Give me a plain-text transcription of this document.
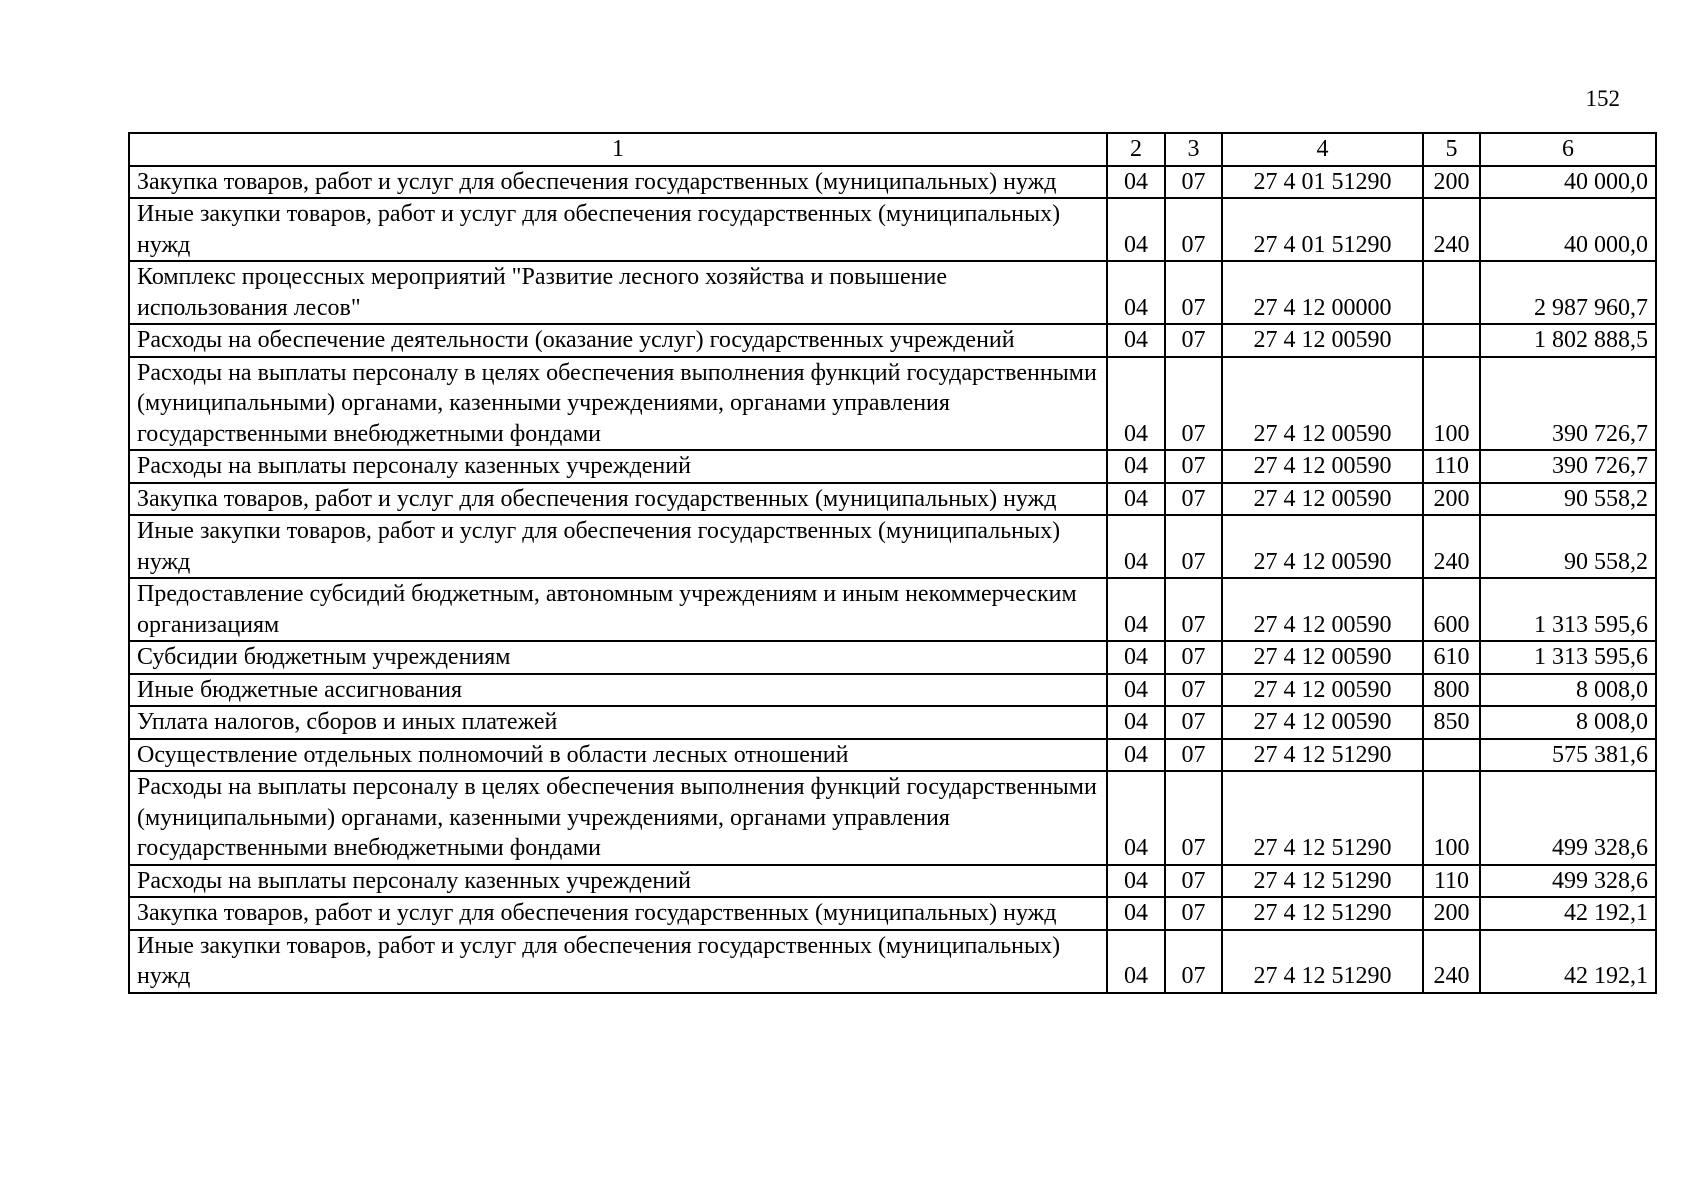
152
1	2	3	4	5	6
Закупка товаров, работ и услуг для обеспечения государственных (муниципальных) нужд	04	07	27 4 01 51290	200	40 000,0
Иные закупки товаров, работ и услуг для обеспечения государственных (муниципальных) нужд	04	07	27 4 01 51290	240	40 000,0
Комплекс процессных мероприятий "Развитие лесного хозяйства и повышение использования лесов"	04	07	27 4 12 00000		2 987 960,7
Расходы на обеспечение деятельности (оказание услуг) государственных учреждений	04	07	27 4 12 00590		1 802 888,5
Расходы на выплаты персоналу в целях обеспечения выполнения функций государственными (муниципальными) органами, казенными учреждениями, органами управления государственными внебюджетными фондами	04	07	27 4 12 00590	100	390 726,7
Расходы на выплаты персоналу казенных учреждений	04	07	27 4 12 00590	110	390 726,7
Закупка товаров, работ и услуг для обеспечения государственных (муниципальных) нужд	04	07	27 4 12 00590	200	90 558,2
Иные закупки товаров, работ и услуг для обеспечения государственных (муниципальных) нужд	04	07	27 4 12 00590	240	90 558,2
Предоставление субсидий бюджетным, автономным учреждениям и иным некоммерческим организациям	04	07	27 4 12 00590	600	1 313 595,6
Субсидии бюджетным учреждениям	04	07	27 4 12 00590	610	1 313 595,6
Иные бюджетные ассигнования	04	07	27 4 12 00590	800	8 008,0
Уплата налогов, сборов и иных платежей	04	07	27 4 12 00590	850	8 008,0
Осуществление отдельных полномочий в области лесных отношений	04	07	27 4 12 51290		575 381,6
Расходы на выплаты персоналу в целях обеспечения выполнения функций государственными (муниципальными) органами, казенными учреждениями, органами управления государственными внебюджетными фондами	04	07	27 4 12 51290	100	499 328,6
Расходы на выплаты персоналу казенных учреждений	04	07	27 4 12 51290	110	499 328,6
Закупка товаров, работ и услуг для обеспечения государственных (муниципальных) нужд	04	07	27 4 12 51290	200	42 192,1
Иные закупки товаров, работ и услуг для обеспечения государственных (муниципальных) нужд	04	07	27 4 12 51290	240	42 192,1
